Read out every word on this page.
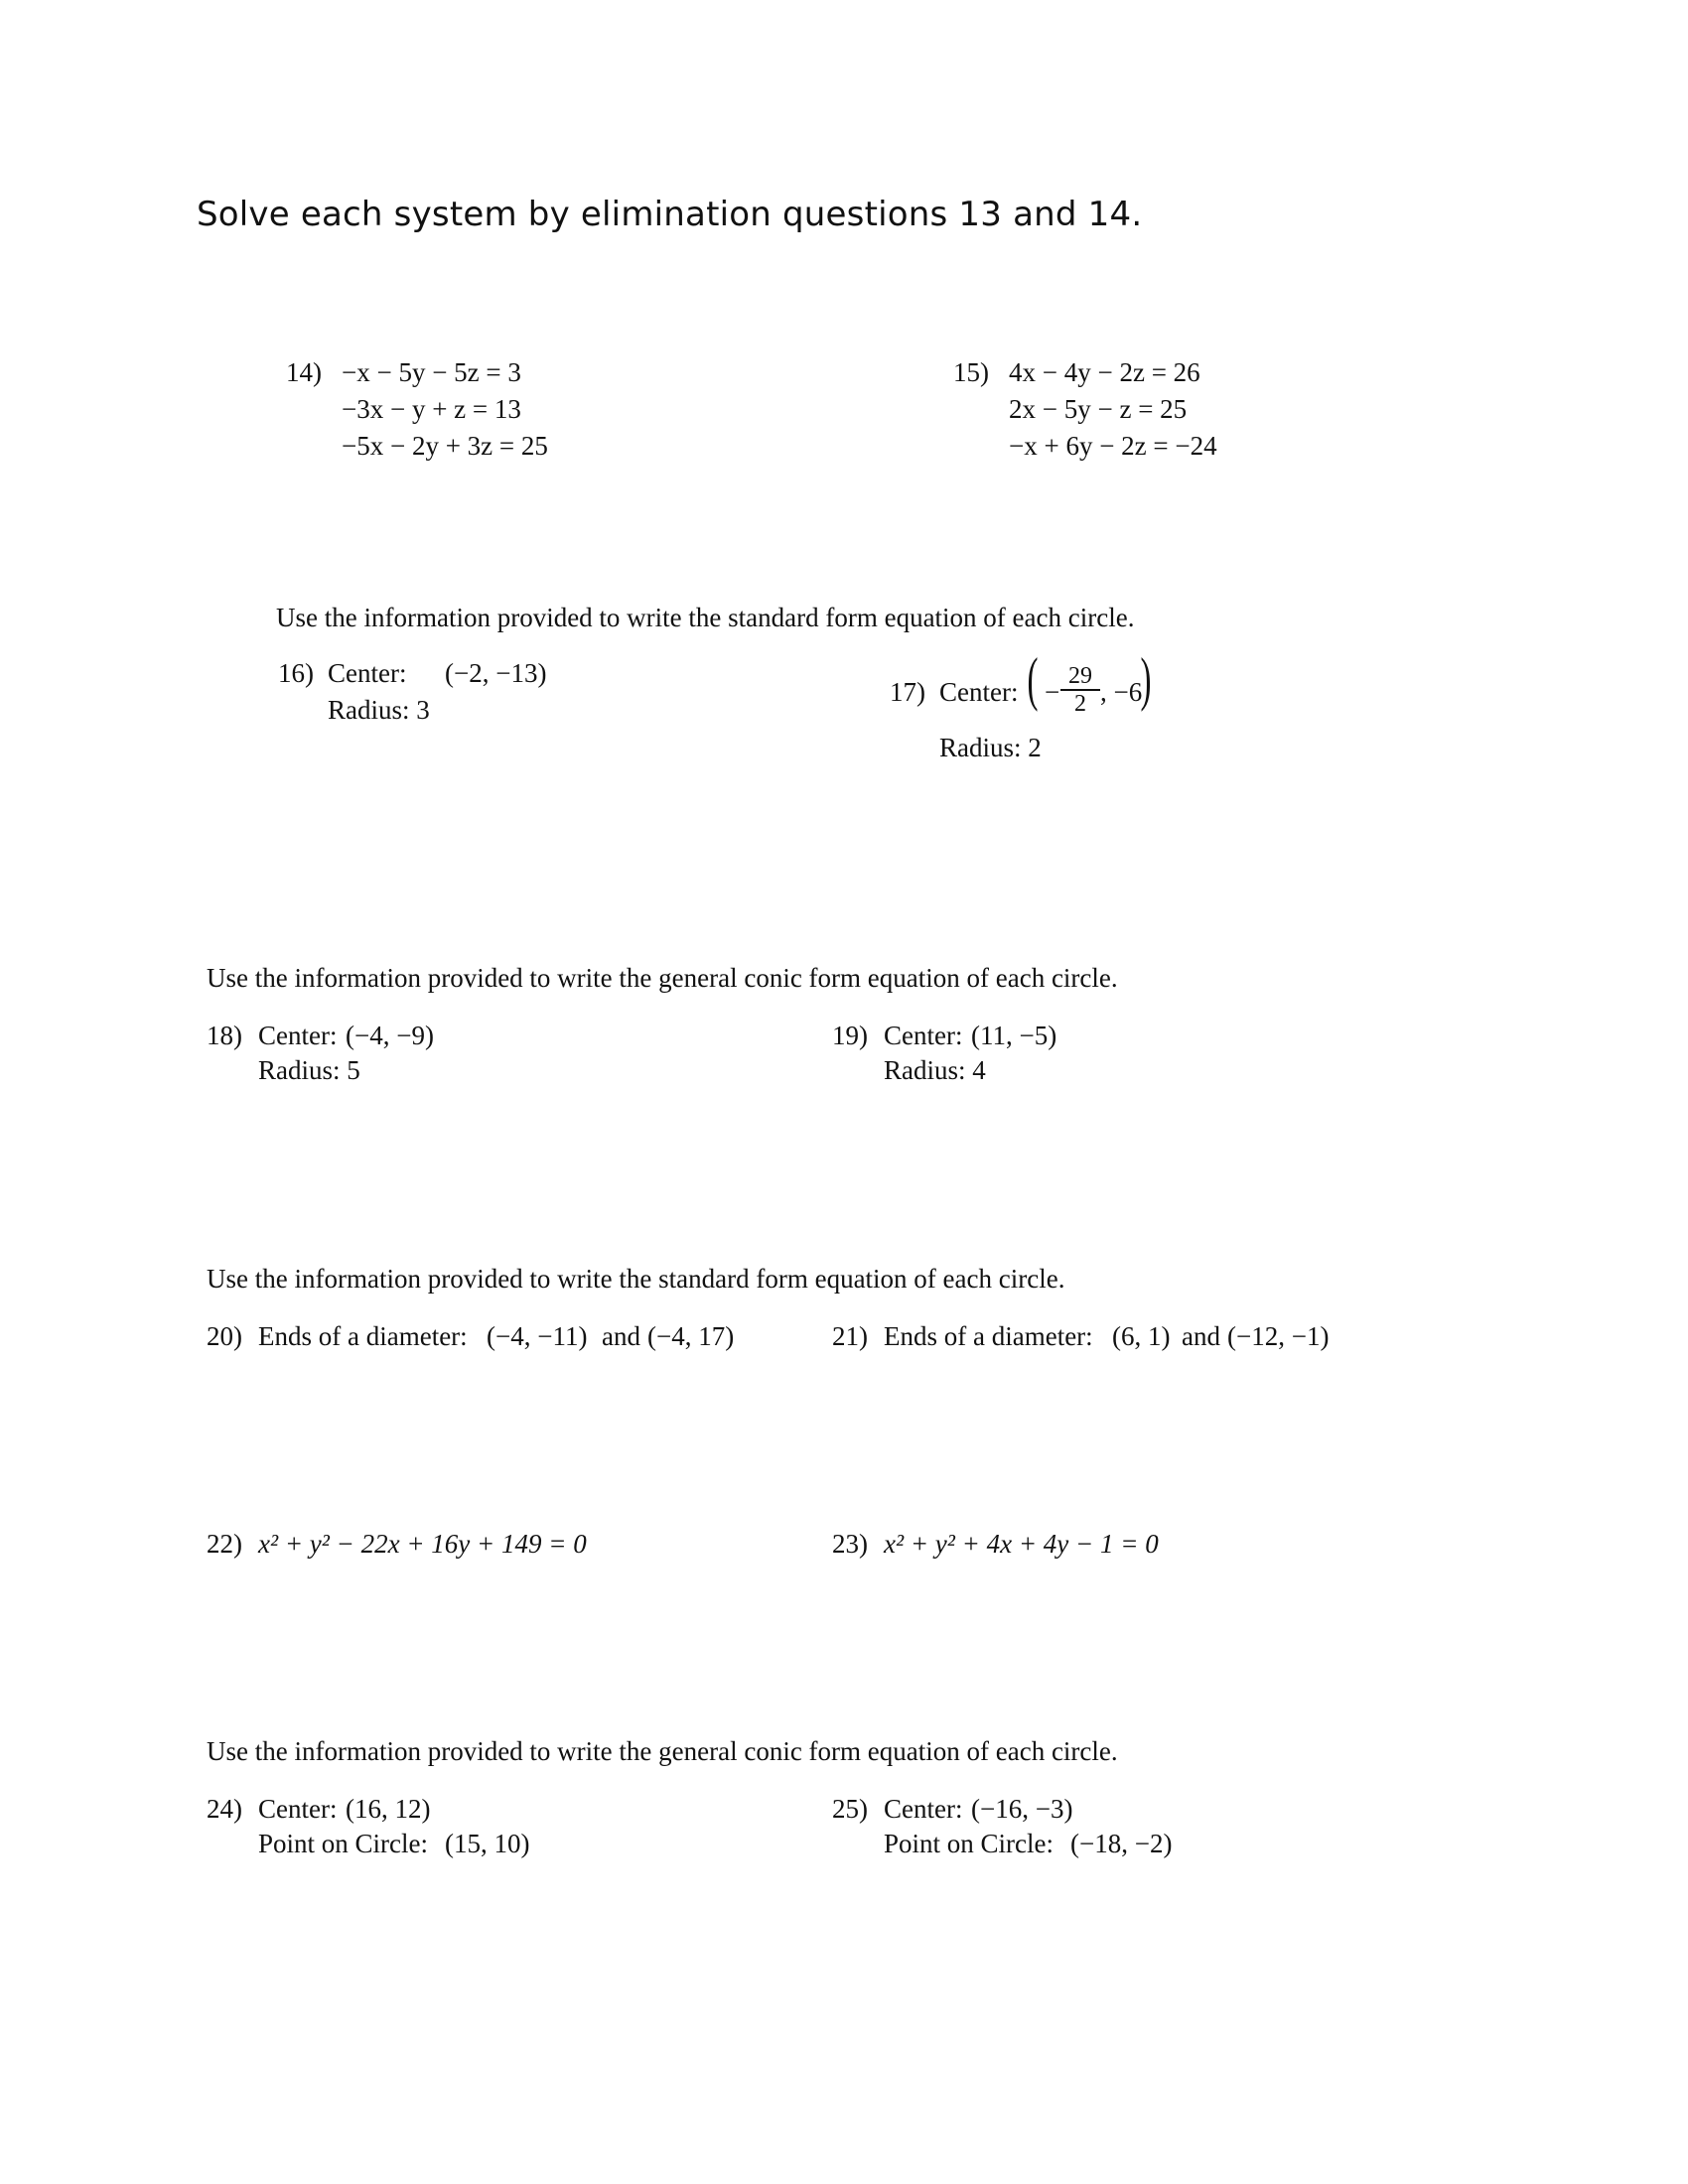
Solve each system by elimination questions 13 and 14.
14) −x − 5y − 5z = 3
−3x − y + z = 13
−5x − 2y + 3z = 25
15) 4x − 4y − 2z = 26
2x − 5y − z = 25
−x + 6y − 2z = −24
Use the information provided to write the standard form equation of each circle.
16) Center: (−2, −13)
Radius: 3
17) Center: ( − $\frac{29}{2}$ , −6
)
Radius: 2
Use the information provided to write the general conic form equation of each circle.
18) Center: (−4, −9)
Radius: 5
19) Center: (11, −5)
Radius: 4
Use the information provided to write the standard form equation of each circle.
20) Ends of a diameter: (−4, −11) and (−4, 17)	21) Ends of a diameter: (6, 1) and (−12, −1)
22) x² + y² − 22x + 16y + 149 = 0	23) x² + y² + 4x + 4y − 1 = 0
Use the information provided to write the general conic form equation of each circle.
24) Center: (16, 12)
Point on Circle: (15, 10)
25) Center: (−16, −3)
Point on Circle: (−18, −2)
